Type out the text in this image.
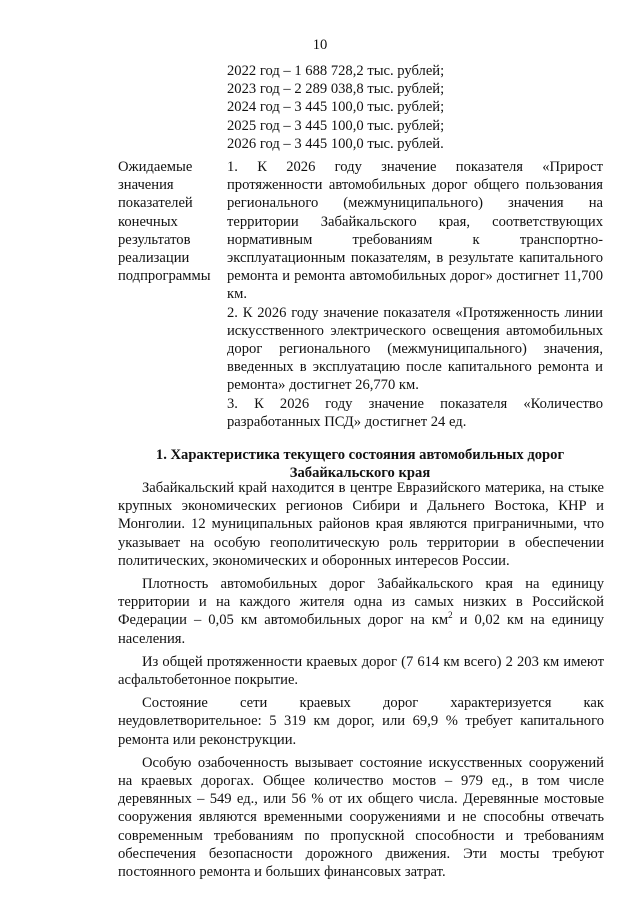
10
2022 год – 1 688 728,2 тыс. рублей;
2023 год – 2 289 038,8 тыс. рублей;
2024 год – 3 445 100,0 тыс. рублей;
2025 год – 3 445 100,0 тыс. рублей;
2026 год – 3 445 100,0 тыс. рублей.
Ожидаемые значения показателей конечных результатов реализации подпрограммы

1. К 2026 году значение показателя «Прирост протяженности автомобильных дорог общего пользования регионального (межмуниципального) значения на территории Забайкальского края, соответствующих нормативным требованиям к транспортно-эксплуатационным показателям, в результате капитального ремонта и ремонта автомобильных дорог» достигнет 11,700 км.

2. К 2026 году значение показателя «Протяженность линии искусственного электрического освещения автомобильных дорог регионального (межмуниципального) значения, введенных в эксплуатацию после капитального ремонта и ремонта» достигнет 26,770 км.

3. К 2026 году значение показателя «Количество разработанных ПСД» достигнет 24 ед.

1. Характеристика текущего состояния автомобильных дорог Забайкальского края

Забайкальский край находится в центре Евразийского материка, на стыке крупных экономических регионов Сибири и Дальнего Востока, КНР и Монголии. 12 муниципальных районов края являются приграничными, что указывает на особую геополитическую роль территории в обеспечении политических, экономических и оборонных интересов России.

Плотность автомобильных дорог Забайкальского края на единицу территории и на каждого жителя одна из самых низких в Российской Федерации – 0,05 км автомобильных дорог на $км^2$ и 0,02 км на единицу населения.

Из общей протяженности краевых дорог (7 614 км всего) 2 203 км имеют асфальтобетонное покрытие.

Состояние сети краевых дорог характеризуется как неудовлетворительное: 5 319 км дорог, или 69,9 % требует капитального ремонта или реконструкции.

Особую озабоченность вызывает состояние искусственных сооружений на краевых дорогах. Общее количество мостов – 979 ед., в том числе деревянных – 549 ед., или 56 % от их общего числа. Деревянные мостовые сооружения являются временными сооружениями и не способны отвечать современным требованиям по пропускной способности и требованиям обеспечения безопасности дорожного движения. Эти мосты требуют постоянного ремонта и больших финансовых затрат.
